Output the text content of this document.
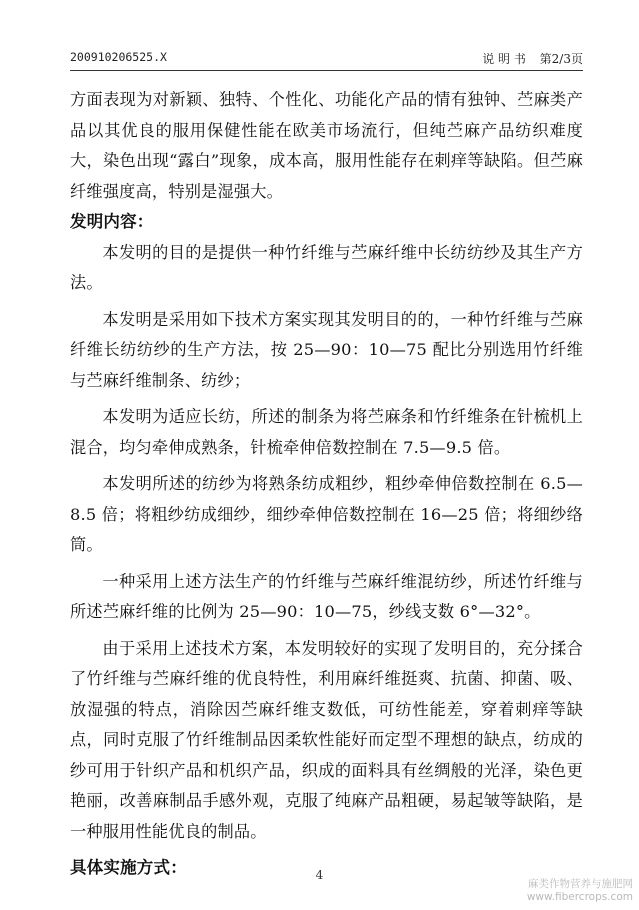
200910206525.X	说 明 书 第2/3页

方面表现为对新颖、独特、个性化、功能化产品的情有独钟、苎麻类产品以其优良的服用保健性能在欧美市场流行，但纯苎麻产品纺织难度大，染色出现“露白”现象，成本高，服用性能存在刺痒等缺陷。但苎麻纤维强度高，特别是湿强大。

发明内容：

本发明的目的是提供一种竹纤维与苎麻纤维中长纺纺纱及其生产方法。

本发明是采用如下技术方案实现其发明目的的，一种竹纤维与苎麻纤维长纺纺纱的生产方法，按 25—90：10—75 配比分别选用竹纤维与苎麻纤维制条、纺纱；

本发明为适应长纺，所述的制条为将苎麻条和竹纤维条在针梳机上混合，均匀牵伸成熟条，针梳牵伸倍数控制在 7.5—9.5 倍。

本发明所述的纺纱为将熟条纺成粗纱，粗纱牵伸倍数控制在 6.5—8.5 倍；将粗纱纺成细纱，细纱牵伸倍数控制在 16—25 倍；将细纱络筒。

一种采用上述方法生产的竹纤维与苎麻纤维混纺纱，所述竹纤维与所述苎麻纤维的比例为 25—90：10—75，纱线支数 6°—32°。

由于采用上述技术方案，本发明较好的实现了发明目的，充分揉合了竹纤维与苎麻纤维的优良特性，利用麻纤维挺爽、抗菌、抑菌、吸、放湿强的特点，消除因苎麻纤维支数低，可纺性能差，穿着刺痒等缺点，同时克服了竹纤维制品因柔软性能好而定型不理想的缺点，纺成的纱可用于针织产品和机织产品，织成的面料具有丝绸般的光泽，染色更艳丽，改善麻制品手感外观，克服了纯麻产品粗硬，易起皱等缺陷，是一种服用性能优良的制品。

具体实施方式：	4
麻类作物营养与施肥网
www.fibercrops.com
